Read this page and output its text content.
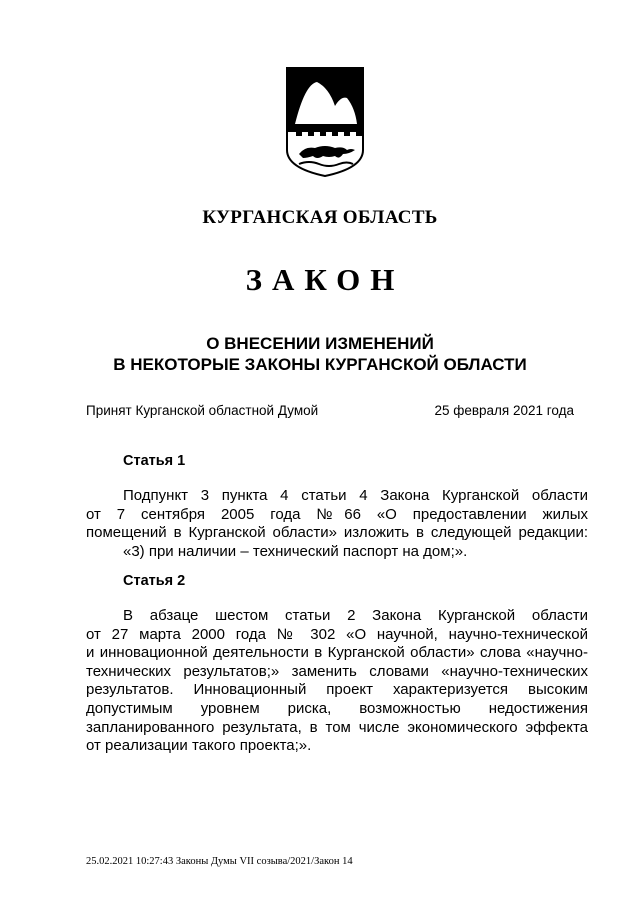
КУРГАНСКАЯ ОБЛАСТЬ
ЗАКОН
О ВНЕСЕНИИ ИЗМЕНЕНИЙ
В НЕКОТОРЫЕ ЗАКОНЫ КУРГАНСКОЙ ОБЛАСТИ
Принят Курганской областной Думой	25 февраля 2021 года
Статья 1
Подпункт 3 пункта 4 статьи 4 Закона Курганской области
от 7 сентября 2005 года №66 «О предоставлении жилых
помещений в Курганской области» изложить в следующей редакции:
«3) при наличии – технический паспорт на дом;».
Статья 2
В абзаце шестом статьи 2 Закона Курганской области
от 27 марта 2000 года № 302 «О научной, научно-технической
и инновационной деятельности в Курганской области» слова «научно-
технических результатов;» заменить словами «научно-технических
результатов. Инновационный проект характеризуется высоким
допустимым уровнем риска, возможностью недостижения
запланированного результата, в том числе экономического эффекта
от реализации такого проекта;».
25.02.2021 10:27:43 Законы Думы VII созыва/2021/Закон 14
